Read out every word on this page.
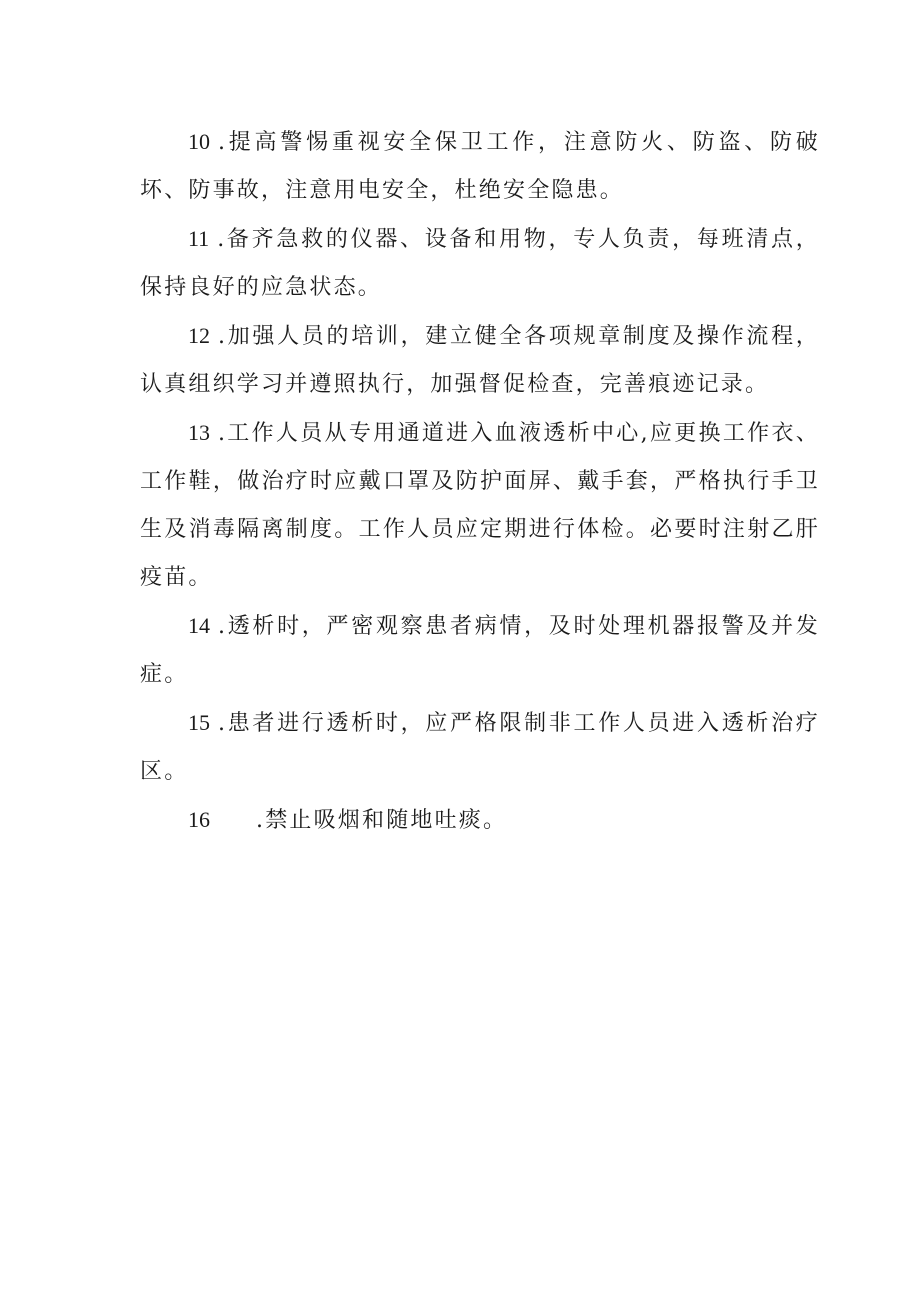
10 .提高警惕重视安全保卫工作，注意防火、防盗、防破坏、防事故，注意用电安全，杜绝安全隐患。

11 .备齐急救的仪器、设备和用物，专人负责，每班清点，保持良好的应急状态。

12 .加强人员的培训，建立健全各项规章制度及操作流程，认真组织学习并遵照执行，加强督促检查，完善痕迹记录。

13 .工作人员从专用通道进入血液透析中心,应更换工作衣、工作鞋，做治疗时应戴口罩及防护面屏、戴手套，严格执行手卫生及消毒隔离制度。工作人员应定期进行体检。必要时注射乙肝疫苗。

14 .透析时，严密观察患者病情，及时处理机器报警及并发症。

15 .患者进行透析时，应严格限制非工作人员进入透析治疗区。

16 .禁止吸烟和随地吐痰。
